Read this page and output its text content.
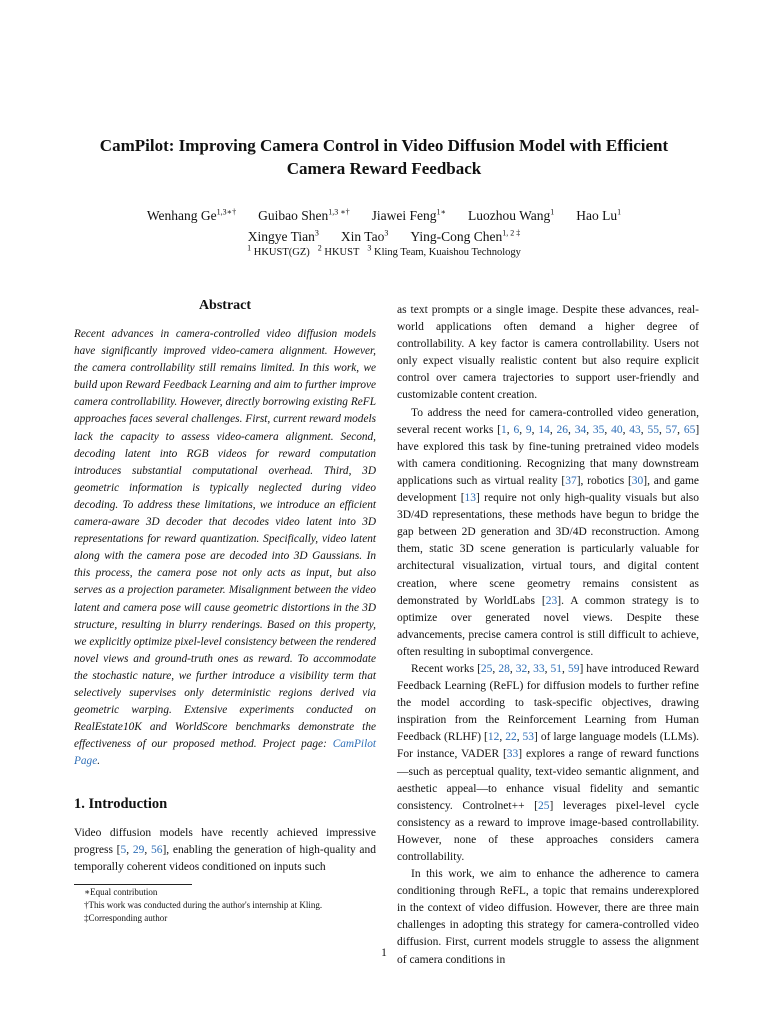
CamPilot: Improving Camera Control in Video Diffusion Model with Efficient
Camera Reward Feedback
Wenhang $Ge^{1,3∗\dagger}$ Guibao Shen$^{1,3 ∗\dagger}$ Jiawei Feng$^{1∗}$ Luozhou Wang$^1$ Hao Lu$^1$
Xingye Tian$^3$ Xin Tao$^3$ Ying-Cong Chen$^{1, 2 \ddagger}$
$^1$ HKUST(GZ) $^2$ HKUST $^3$ Kling Team, Kuaishou Technology
Abstract
Recent advances in camera-controlled video diffusion models have significantly improved video-camera alignment. However, the camera controllability still remains limited. In this work, we build upon Reward Feedback Learning and aim to further improve camera controllability. However, directly borrowing existing ReFL approaches faces several challenges. First, current reward models lack the capacity to assess video-camera alignment. Second, decoding latent into RGB videos for reward computation introduces substantial computational overhead. Third, 3D geometric information is typically neglected during video decoding. To address these limitations, we introduce an efficient camera-aware 3D decoder that decodes video latent into 3D representations for reward quantization. Specifically, video latent along with the camera pose are decoded into 3D Gaussians. In this process, the camera pose not only acts as input, but also serves as a projection parameter. Misalignment between the video latent and camera pose will cause geometric distortions in the 3D structure, resulting in blurry renderings. Based on this property, we explicitly optimize pixel-level consistency between the rendered novel views and ground-truth ones as reward. To accommodate the stochastic nature, we further introduce a visibility term that selectively supervises only deterministic regions derived via geometric warping. Extensive experiments conducted on RealEstate10K and WorldScore benchmarks demonstrate the effectiveness of our proposed method. Project page: CamPilot Page.
1. Introduction

Video diffusion models have recently achieved impressive progress [5, 29, 56], enabling the generation of high-quality and temporally coherent videos conditioned on inputs such

∗Equal contribution
†This work was conducted during the author's internship at Kling.
‡Corresponding author

as text prompts or a single image. Despite these advances, real-world applications often demand a higher degree of controllability. A key factor is camera controllability. Users not only expect visually realistic content but also require explicit control over camera trajectories to support user-friendly and customizable content creation.

To address the need for camera-controlled video generation, several recent works [1, 6, 9, 14, 26, 34, 35, 40, 43, 55, 57, 65] have explored this task by fine-tuning pretrained video models with camera conditioning. Recognizing that many downstream applications such as virtual reality [37], robotics [30], and game development [13] require not only high-quality visuals but also 3D/4D representations, these methods have begun to bridge the gap between 2D generation and 3D/4D reconstruction. Among them, static 3D scene generation is particularly valuable for architectural visualization, virtual tours, and digital content creation, where scene geometry remains consistent as demonstrated by WorldLabs [23]. A common strategy is to optimize over generated novel views. Despite these advancements, precise camera control is still difficult to achieve, often resulting in suboptimal convergence.

Recent works [25, 28, 32, 33, 51, 59] have introduced Reward Feedback Learning (ReFL) for diffusion models to further refine the model according to task-specific objectives, drawing inspiration from the Reinforcement Learning from Human Feedback (RLHF) [12, 22, 53] of large language models (LLMs). For instance, VADER [33] explores a range of reward functions—such as perceptual quality, text-video semantic alignment, and aesthetic appeal—to enhance visual fidelity and semantic consistency. Controlnet++ [25] leverages pixel-level cycle consistency as a reward to improve image-based controllability. However, none of these approaches considers camera controllability.

In this work, we aim to enhance the adherence to camera conditioning through ReFL, a topic that remains underexplored in the context of video diffusion. However, there are three main challenges in adopting this strategy for camera-controlled video diffusion. First, current models struggle to assess the alignment of camera conditions in

1
